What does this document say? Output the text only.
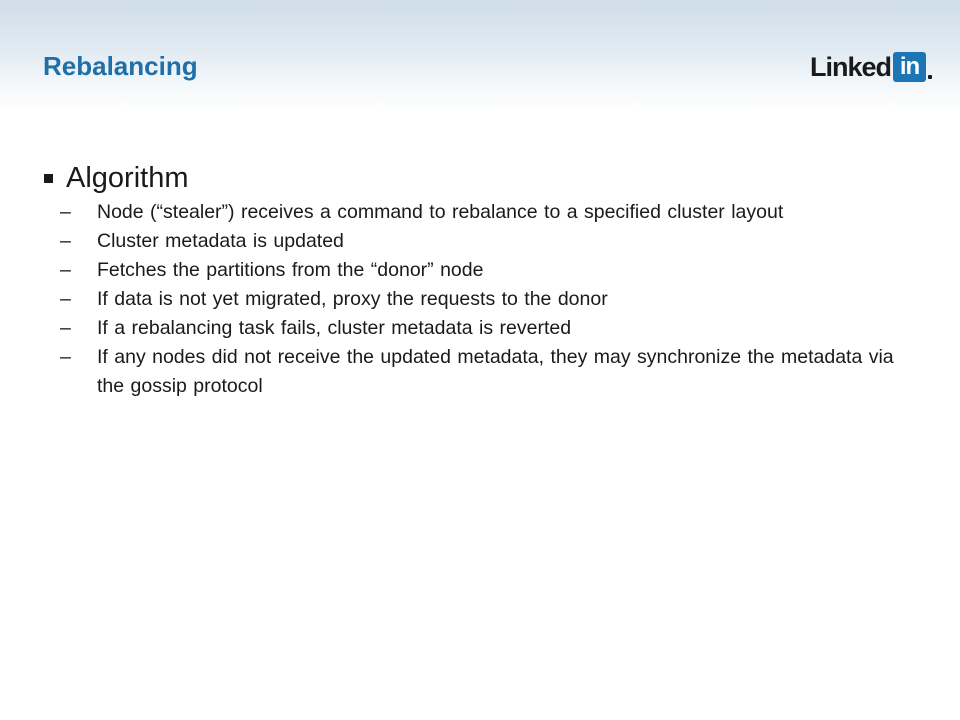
Rebalancing	Linked in
Algorithm
– Node (“stealer”) receives a command to rebalance to a specified cluster layout
– Cluster metadata is updated
– Fetches the partitions from the “donor” node
– If data is not yet migrated, proxy the requests to the donor
– If a rebalancing task fails, cluster metadata is reverted
– If any nodes did not receive the updated metadata, they may synchronize the metadata via the gossip protocol
